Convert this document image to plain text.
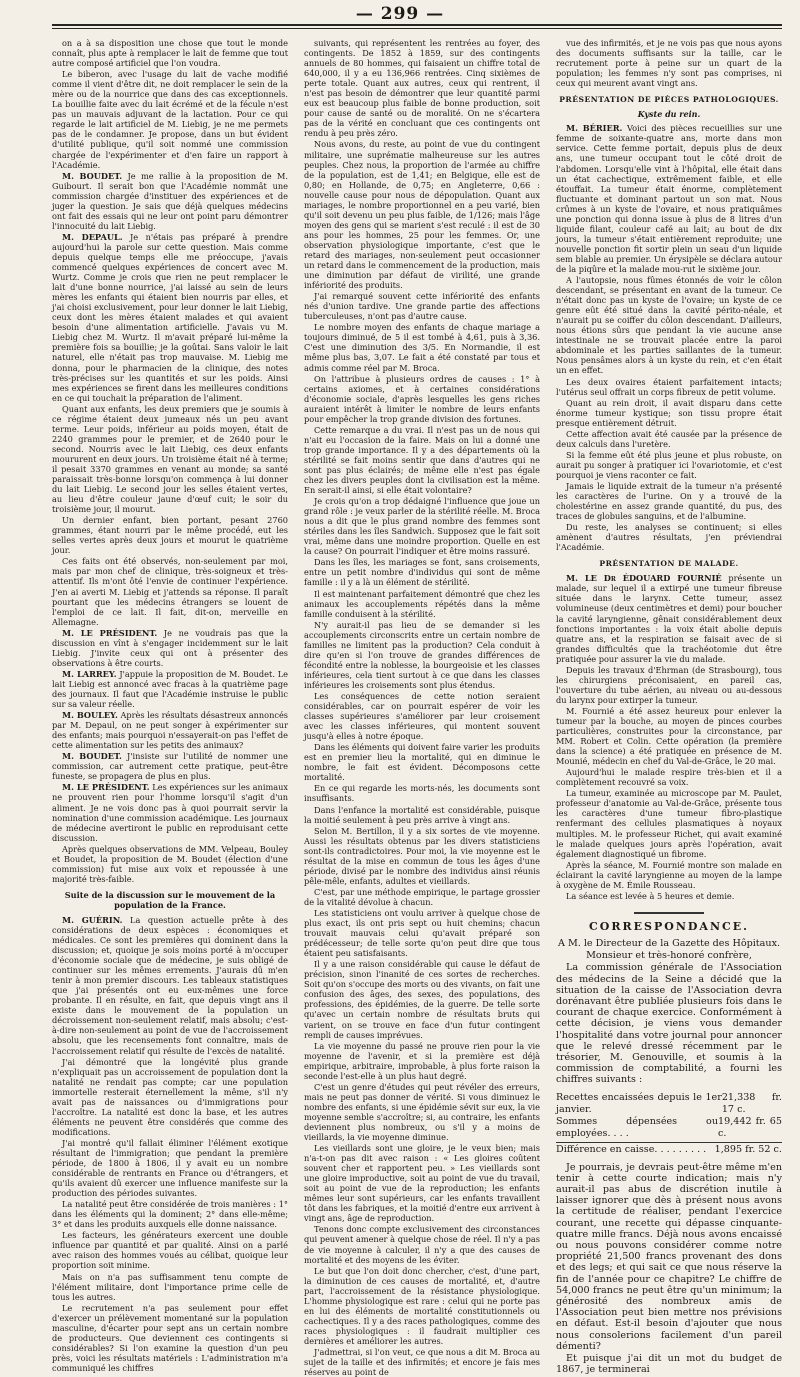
— 299 —

on a à sa disposition une chose que tout le monde connaît, plus apte à remplacer le lait de femme que tout autre composé artificiel que l'on voudra.

Le biberon, avec l'usage du lait de vache modifié comme il vient d'être dit, ne doit remplacer le sein de la mère ou de la nourrice que dans des cas exceptionnels. La bouillie faite avec du lait écrémé et de la fécule n'est pas un mauvais adjuvant de la lactation. Pour ce qui regarde le lait artificiel de M. Liebig, je ne me permets pas de le condamner. Je propose, dans un but évident d'utilité publique, qu'il soit nommé une commission chargée de l'expérimenter et d'en faire un rapport à l'Académie.

M. BOUDET. Je me rallie à la proposition de M. Guibourt. Il serait bon que l'Académie nommât une commission chargée d'instituer des expériences et de juger la question. Je sais que déjà quelques médecins ont fait des essais qui ne leur ont point paru démontrer l'innocuité du lait Liebig.

M. DEPAUL. Je n'étais pas préparé à prendre aujourd'hui la parole sur cette question. Mais comme depuis quelque temps elle me préoccupe, j'avais commencé quelques expériences de concert avec M. Wurtz. Comme je crois que rien ne peut remplacer le lait d'une bonne nourrice, j'ai laissé au sein de leurs mères les enfants qui étaient bien nourris par elles, et j'ai choisi exclusivement, pour leur donner le lait Liebig, ceux dont les mères étaient malades et qui avaient besoin d'une alimentation artificielle. J'avais vu M. Liebig chez M. Wurtz. Il m'avait préparé lui-même la première fois sa bouillie; je la goûtai. Sans valoir le lait naturel, elle n'était pas trop mauvaise. M. Liebig me donna, pour le pharmacien de la clinique, des notes très-précises sur les quantités et sur les poids. Ainsi mes expériences se firent dans les meilleures conditions en ce qui touchait la préparation de l'aliment.

Quant aux enfants, les deux premiers que je soumis à ce régime étaient deux jumeaux nés un peu avant terme. Leur poids, inférieur au poids moyen, était de 2240 grammes pour le premier, et de 2640 pour le second. Nourris avec le lait Liebig, ces deux enfants moururent en deux jours. Un troisième était né à terme; il pesait 3370 grammes en venant au monde; sa santé paraissait très-bonne lorsqu'on commença à lui donner du lait Liebig. Le second jour les selles étaient vertes, au lieu d'être couleur jaune d'œuf cuit; le soir du troisième jour, il mourut.

Un dernier enfant, bien portant, pesant 2760 grammes, étant nourri par le même procédé, eut les selles vertes après deux jours et mourut le quatrième jour.

Ces faits ont été observés, non-seulement par moi, mais par mon chef de clinique, très-soigneux et très-attentif. Ils m'ont ôté l'envie de continuer l'expérience. J'en ai averti M. Liebig et j'attends sa réponse. Il paraît pourtant que les médecins étrangers se louent de l'emploi de ce lait. Il fait, dit-on, merveille en Allemagne.

M. LE PRÉSIDENT. Je ne voudrais pas que la discussion en vînt à s'engager incidemment sur le lait Liebig. J'invite ceux qui ont à présenter des observations à être courts.

M. LARREY. J'appuie la proposition de M. Boudet. Le lait Liebig est annoncé avec fracas à la quatrième page des journaux. Il faut que l'Académie instruise le public sur sa valeur réelle.

M. BOULEY. Après les résultats désastreux annoncés par M. Depaul, on ne peut songer à expérimenter sur des enfants; mais pourquoi n'essayerait-on pas l'effet de cette alimentation sur les petits des animaux?

M. BOUDET. J'insiste sur l'utilité de nommer une commission, car autrement cette pratique, peut-être funeste, se propagera de plus en plus.

M. LE PRÉSIDENT. Les expériences sur les animaux ne prouvent rien pour l'homme lorsqu'il s'agit d'un aliment. Je ne vois donc pas à quoi pourrait servir la nomination d'une commission académique. Les journaux de médecine avertiront le public en reproduisant cette discussion.

Après quelques observations de MM. Velpeau, Bouley et Boudet, la proposition de M. Boudet (élection d'une commission) fut mise aux voix et repoussée à une majorité très-faible.

Suite de la discussion sur le mouvement de la population de la France.

M. GUÉRIN. La question actuelle prête à des considérations de deux espèces : économiques et médicales. Ce sont les premières qui dominent dans la discussion; et, quoique je sois moins porté à m'occuper d'économie sociale que de médecine, je suis obligé de continuer sur les mêmes errements. J'aurais dû m'en tenir à mon premier discours. Les tableaux statistiques que j'ai présentés ont eu eux-mêmes une force probante. Il en résulte, en fait, que depuis vingt ans il existe dans le mouvement de la population un décroissement non-seulement relatif, mais absolu; c'est-à-dire non-seulement au point de vue de l'accroissement absolu, que les recensements font connaître, mais de l'accroissement relatif qui résulte de l'excès de natalité.

J'ai démontré que la longévité plus grande n'expliquait pas un accroissement de population dont la natalité ne rendait pas compte; car une population immortelle resterait éternellement la même, s'il n'y avait pas de naissances ou d'immigrations pour l'accroître. La natalité est donc la base, et les autres éléments ne peuvent être considérés que comme des modifications.

J'ai montré qu'il fallait éliminer l'élément exotique résultant de l'immigration; que pendant la première période, de 1800 à 1806, il y avait eu un nombre considérable de rentrants en France ou d'étrangers, et qu'ils avaient dû exercer une influence manifeste sur la production des périodes suivantes.

La natalité peut être considérée de trois manières : 1° dans les éléments qui la dominent; 2° dans elle-même; 3° et dans les produits auxquels elle donne naissance.

Les facteurs, les générateurs exercent une double influence par quantité et par qualité. Ainsi on a parlé avec raison des hommes voués au célibat, quoique leur proportion soit minime.

Mais on n'a pas suffisamment tenu compte de l'élément militaire, dont l'importance prime celle de tous les autres.

Le recrutement n'a pas seulement pour effet d'exercer un prélèvement momentané sur la population masculine, d'écarter pour sept ans un certain nombre de producteurs. Que deviennent ces contingents si considérables? Si l'on examine la question d'un peu près, voici les résultats matériels : L'administration m'a communiqué les chiffres

suivants, qui représentent les rentrées au foyer, des contingents. De 1852 à 1859, sur des contingents annuels de 80 hommes, qui faisaient un chiffre total de 640,000, il y a eu 136,966 rentrées. Cinq sixièmes de perte totale. Quant aux autres, ceux qui rentrent, il n'est pas besoin de démontrer que leur quantité parmi eux est beaucoup plus faible de bonne production, soit pour cause de santé ou de moralité. On ne s'écartera pas de la vérité en concluant que ces contingents ont rendu à peu près zéro.

Nous avons, du reste, au point de vue du contingent militaire, une suprématie malheureuse sur les autres peuples. Chez nous, la proportion de l'armée au chiffre de la population, est de 1,41; en Belgique, elle est de 0,80; en Hollande, de 0,75; en Angleterre, 0,66 : nouvelle cause pour nous de dépopulation. Quant aux mariages, le nombre proportionnel en a peu varié, bien qu'il soit devenu un peu plus faible, de 1/126; mais l'âge moyen des gens qui se marient s'est reculé : il est de 30 ans pour les hommes, 25 pour les femmes. Or, une observation physiologique importante, c'est que le retard des mariages, non-seulement peut occasionner un retard dans le commencement de la production, mais une diminution par défaut de virilité, une grande infériorité des produits.

J'ai remarqué souvent cette infériorité des enfants nés d'union tardive. Une grande partie des affections tuberculeuses, n'ont pas d'autre cause.

Le nombre moyen des enfants de chaque mariage a toujours diminué, de 5 il est tombé à 4,61, puis à 3,36. C'est une diminution des 3/5. En Normandie, il est même plus bas, 3,07. Le fait a été constaté par tous et admis comme réel par M. Broca.

On l'attribue à plusieurs ordres de causes : 1° à certains axiomes, et à certaines considérations d'économie sociale, d'après lesquelles les gens riches auraient intérêt à limiter le nombre de leurs enfants pour empêcher la trop grande division des fortunes.

Cette remarque a du vrai. Il n'est pas un de nous qui n'ait eu l'occasion de la faire. Mais on lui a donné une trop grande importance. Il y a des départements où la stérilité se fait moins sentir que dans d'autres qui ne sont pas plus éclairés; de même elle n'est pas égale chez les divers peuples dont la civilisation est la même. En serait-il ainsi, si elle était volontaire?

Je crois qu'on a trop dédaigné l'influence que joue un grand rôle : je veux parler de la stérilité réelle. M. Broca nous a dit que le plus grand nombre des femmes sont stériles dans les îles Sandwich. Supposez que le fait soit vrai, même dans une moindre proportion. Quelle en est la cause? On pourrait l'indiquer et être moins rassuré.

Dans les îles, les mariages se font, sans croisements, entre un petit nombre d'individus qui sont de même famille : il y a là un élément de stérilité.

Il est maintenant parfaitement démontré que chez les animaux les accouplements répétés dans la même famille conduisent à la stérilité.

N'y aurait-il pas lieu de se demander si les accouplements circonscrits entre un certain nombre de familles ne limitent pas la production? Cela conduit à dire qu'en si l'on trouve de grandes différences de fécondité entre la noblesse, la bourgeoisie et les classes inférieures, cela tient surtout à ce que dans les classes inférieures les croisements sont plus étendus.

Les conséquences de cette notion seraient considérables, car on pourrait espérer de voir les classes supérieures s'améliorer par leur croisement avec les classes inférieures, qui montent souvent jusqu'à elles à notre époque.

Dans les éléments qui doivent faire varier les produits est en premier lieu la mortalité, qui en diminue le nombre, le fait est évident. Décomposons cette mortalité.

En ce qui regarde les morts-nés, les documents sont insuffisants.

Dans l'enfance la mortalité est considérable, puisque la moitié seulement à peu près arrive à vingt ans.

Selon M. Bertillon, il y a six sortes de vie moyenne. Aussi les résultats obtenus par les divers statisticiens sont-ils contradictoires. Pour moi, la vie moyenne est le résultat de la mise en commun de tous les âges d'une période, divisé par le nombre des individus ainsi réunis pêle-mêle, enfants, adultes et vieillards.

C'est, par une méthode empirique, le partage grossier de la vitalité dévolue à chacun.

Les statisticiens ont voulu arriver à quelque chose de plus exact, ils ont pris sept ou huit chemins; chacun trouvait mauvais celui qu'avait préparé son prédécesseur; de telle sorte qu'on peut dire que tous étaient peu satisfaisants.

Il y a une raison considérable qui cause le défaut de précision, sinon l'inanité de ces sortes de recherches. Soit qu'on s'occupe des morts ou des vivants, on fait une confusion des âges, des sexes, des populations, des professions, des épidémies, de la guerre. De telle sorte qu'avec un certain nombre de résultats bruts qui varient, on se trouve en face d'un futur contingent rempli de causes imprévues.

La vie moyenne du passé ne prouve rien pour la vie moyenne de l'avenir, et si la première est déjà empirique, arbitraire, improbable, à plus forte raison la seconde l'est-elle à un plus haut degré.

C'est un genre d'études qui peut révéler des erreurs, mais ne peut pas donner de vérité. Si vous diminuez le nombre des enfants, si une épidémie sévit sur eux, la vie moyenne semble s'accroître; si, au contraire, les enfants deviennent plus nombreux, ou s'il y a moins de vieillards, la vie moyenne diminue.

Les vieillards sont une gloire, je le veux bien; mais n'a-t-on pas dit avec raison : « Les gloires coûtent souvent cher et rapportent peu. » Les vieillards sont une gloire improductive, soit au point de vue du travail, soit au point de vue de la reproduction; les enfants mêmes leur sont supérieurs, car les enfants travaillent tôt dans les fabriques, et la moitié d'entre eux arrivent à vingt ans, âge de reproduction.

Tenons donc compte exclusivement des circonstances qui peuvent amener à quelque chose de réel. Il n'y a pas de vie moyenne à calculer, il n'y a que des causes de mortalité et des moyens de les éviter.

Le but que l'on doit donc chercher, c'est, d'une part, la diminution de ces causes de mortalité, et, d'autre part, l'accroissement de la résistance physiologique. L'homme physiologique est rare : celui qui ne porte pas en lui des éléments de mortalité constitutionnels ou cachectiques. Il y a des races pathologiques, comme des races physiologiques : il faudrait multiplier ces dernières et améliorer les autres.

J'admettrai, si l'on veut, ce que nous a dit M. Broca au sujet de la taille et des infirmités; et encore je fais mes réserves au point de

vue des infirmités, et je ne vois pas que nous ayons des documents suffisants sur la taille, car le recrutement porte à peine sur un quart de la population; les femmes n'y sont pas comprises, ni ceux qui meurent avant vingt ans.

PRÉSENTATION DE PIÈCES PATHOLOGIQUES.
Kyste du rein.

M. BÉRIER. Voici des pièces recueillies sur une femme de soixante-quatre ans, morte dans mon service. Cette femme portait, depuis plus de deux ans, une tumeur occupant tout le côté droit de l'abdomen. Lorsqu'elle vint à l'hôpital, elle était dans un état cachectique, extrêmement faible, et elle étouffait. La tumeur était énorme, complètement fluctuante et dominant partout un son mat. Nous crûmes à un kyste de l'ovaire, et nous pratiquâmes une ponction qui donna issue à plus de 8 litres d'un liquide filant, couleur café au lait; au bout de dix jours, la tumeur s'était entièrement reproduite; une nouvelle ponction fit sortir plein un seau d'un liquide sem blable au premier. Un érysipèle se déclara autour de la piqûre et la malade mou-rut le sixième jour.

A l'autopsie, nous fûmes étonnés de voir le côlon descendant, se présentant en avant de la tumeur. Ce n'était donc pas un kyste de l'ovaire; un kyste de ce genre eût été situé dans la cavité périto-néale, et n'aurait pu se coiffer du côlon descendant. D'ailleurs, nous étions sûrs que pendant la vie aucune anse intestinale ne se trouvait placée entre la paroi abdominale et les parties saillantes de la tumeur. Nous pensâmes alors à un kyste du rein, et c'en était un en effet.

Les deux ovaires étaient parfaitement intacts; l'utérus seul offrait un corps fibreux de petit volume.

Quant au rein droit, il avait disparu dans cette énorme tumeur kystique; son tissu propre était presque entièrement détruit.

Cette affection avait été causée par la présence de deux calculs dans l'uretère.

Si la femme eût été plus jeune et plus robuste, on aurait pu songer à pratiquer ici l'ovariotomie, et c'est pourquoi je viens raconter ce fait.

Jamais le liquide extrait de la tumeur n'a présenté les caractères de l'urine. On y a trouvé de la cholestérine en assez grande quantité, du pus, des traces de globules sanguins, et de l'albumine.

Du reste, les analyses se continuent; si elles amènent d'autres résultats, j'en préviendrai l'Académie.

PRÉSENTATION DE MALADE.

M. LE Dr ÉDOUARD FOURNIÉ présente un malade, sur lequel il a extirpé une tumeur fibreuse située dans le larynx. Cette tumeur, assez volumineuse (deux centimètres et demi) pour boucher la cavité laryngienne, gênait considérablement deux fonctions importantes : la voix était abolie depuis quatre ans, et la respiration se faisait avec de si grandes difficultés que la trachéotomie dut être pratiquée pour assurer la vie du malade.

Depuis les travaux d'Ehrman (de Strasbourg), tous les chirurgiens préconisaient, en pareil cas, l'ouverture du tube aérien, au niveau ou au-dessous du larynx pour extirper la tumeur.

M. Fournié a été assez heureux pour enlever la tumeur par la bouche, au moyen de pinces courbes particulières, construites pour la circonstance, par MM. Robert et Colin. Cette opération (la première dans la science) a été pratiquée en présence de M. Mounié, médecin en chef du Val-de-Grâce, le 20 mai.

Aujourd'hui le malade respire très-bien et il a complètement recouvré sa voix.

La tumeur, examinée au microscope par M. Paulet, professeur d'anatomie au Val-de-Grâce, présente tous les caractères d'une tumeur fibro-plastique renfermant des cellules plasmatiques à noyaux multiples. M. le professeur Richet, qui avait examiné le malade quelques jours après l'opération, avait également diagnostiqué un fibrome.

Après la séance, M. Fournié montre son malade en éclairant la cavité laryngienne au moyen de la lampe à oxygène de M. Émile Rousseau.

La séance est levée à 5 heures et demie.

CORRESPONDANCE.

A M. le Directeur de la Gazette des Hôpitaux.

Monsieur et très-honoré confrère,

La commission générale de l'Association des médecins de la Seine a décidé que la situation de la caisse de l'Association devra dorénavant être publiée plusieurs fois dans le courant de chaque exercice. Conformément à cette décision, je viens vous demander l'hospitalité dans votre journal pour annoncer que le relevé dressé récemment par le trésorier, M. Genouville, et soumis à la commission de comptabilité, a fourni les chiffres suivants :

Recettes encaissées depuis le 1er janvier.
21,338 fr. 17 c.
Sommes dépensées ou employées. . . .
19,442 fr. 65 c.
Différence en caisse. . . . . . . . . 1,895 fr. 52 c.

Je pourrais, je devrais peut-être même m'en tenir à cette courte indication; mais n'y aurait-il pas abus de discrétion inutile à laisser ignorer que dès à présent nous avons la certitude de réaliser, pendant l'exercice courant, une recette qui dépasse cinquante-quatre mille francs. Déjà nous avons encaissé ou nous pouvons considérer comme notre propriété 21,500 francs provenant des dons et des legs; et qui sait ce que nous réserve la fin de l'année pour ce chapitre? Le chiffre de 54,000 francs ne peut être qu'un minimum; la générosité des nombreux amis de l'Association peut bien mettre nos prévisions en défaut. Est-il besoin d'ajouter que nous nous consolerions facilement d'un pareil démenti?

Et puisque j'ai dit un mot du budget de 1867, je terminerai
